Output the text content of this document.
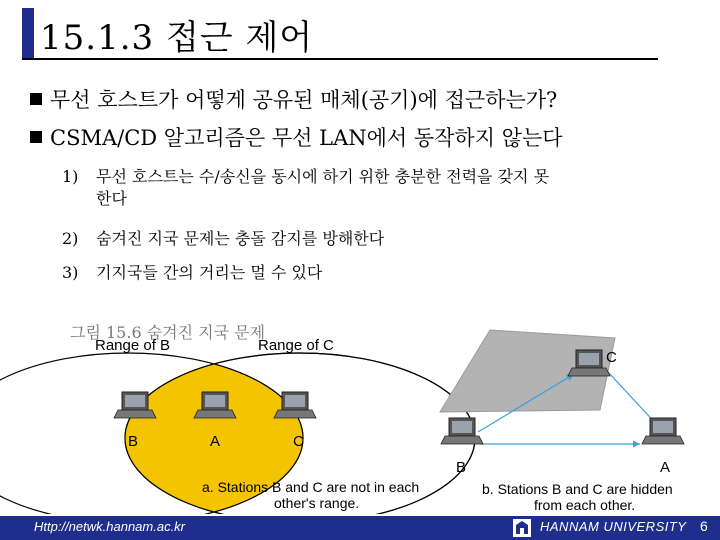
15.1.3 접근 제어
무선 호스트가 어떻게 공유된 매체(공기)에 접근하는가?
CSMA/CD 알고리즘은 무선 LAN에서 동작하지 않는다
1) 무선 호스트는 수/송신을 동시에 하기 위한 충분한 전력을 갖지 못
한다
2) 숨겨진 지국 문제는 충돌 감지를 방해한다
3) 기지국들 간의 거리는 멀 수 있다
그림 15.6 숨겨진 지국 문제
Range of B	Range of C
B	A	C
a. Stations B and C are not in each
other's range.
B	A
C
b. Stations B and C are hidden
from each other.
Http://netwk.hannam.ac.kr	HANNAM UNIVERSITY 6
